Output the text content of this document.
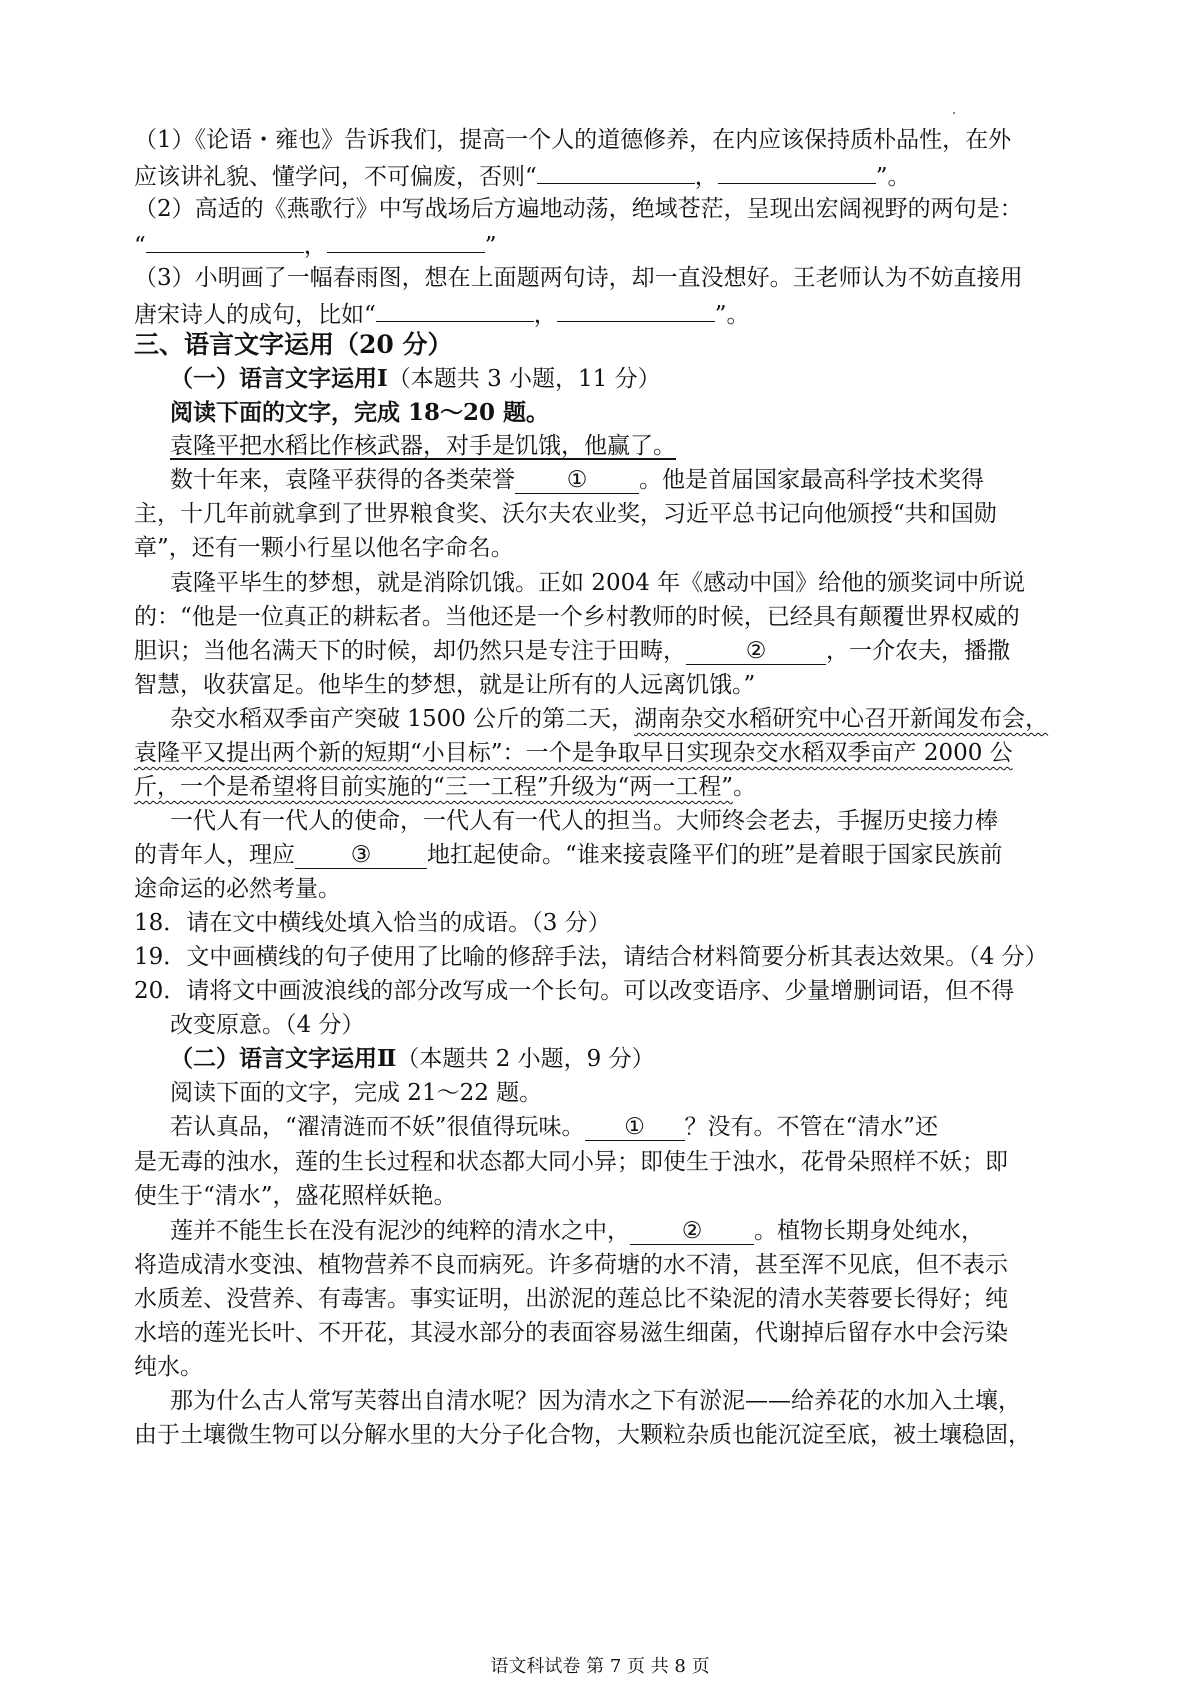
（1）《论语・雍也》告诉我们，提高一个人的道德修养，在内应该保持质朴品性，在外
应该讲礼貌、懂学问，不可偏废，否则“	，	”。
（2）高适的《燕歌行》中写战场后方遍地动荡，绝域苍茫，呈现出宏阔视野的两句是：
“	，	”
（3）小明画了一幅春雨图，想在上面题两句诗，却一直没想好。王老师认为不妨直接用
唐宋诗人的成句，比如“	，	”。
三、语言文字运用（20 分）
（一）语言文字运用Ⅰ（本题共 3 小题，11 分）
阅读下面的文字，完成 18～20 题。
袁隆平把水稻比作核武器，对手是饥饿，他赢了。
数十年来，袁隆平获得的各类荣誉 ① 。他是首届国家最高科学技术奖得
主，十几年前就拿到了世界粮食奖、沃尔夫农业奖，习近平总书记向他颁授“共和国勋
章”，还有一颗小行星以他名字命名。
袁隆平毕生的梦想，就是消除饥饿。正如 2004 年《感动中国》给他的颁奖词中所说
的：“他是一位真正的耕耘者。当他还是一个乡村教师的时候，已经具有颠覆世界权威的
胆识；当他名满天下的时候，却仍然只是专注于田畴，	②	，一介农夫，播撒
智慧，收获富足。他毕生的梦想，就是让所有的人远离饥饿。”
杂交水稻双季亩产突破 1500 公斤的第二天，湖南杂交水稻研究中心召开新闻发布会，
袁隆平又提出两个新的短期“小目标”：一个是争取早日实现杂交水稻双季亩产 2000 公
斤，一个是希望将目前实施的“三一工程”升级为“两一工程”。
一代人有一代人的使命，一代人有一代人的担当。大师终会老去，手握历史接力棒
的青年人，理应 ③ 地扛起使命。“谁来接袁隆平们的班”是着眼于国家民族前
途命运的必然考量。
18．请在文中横线处填入恰当的成语。（3 分）
19．文中画横线的句子使用了比喻的修辞手法，请结合材料简要分析其表达效果。（4 分）
20．请将文中画波浪线的部分改写成一个长句。可以改变语序、少量增删词语，但不得
改变原意。（4 分）
（二）语言文字运用Ⅱ（本题共 2 小题，9 分）
阅读下面的文字，完成 21～22 题。
若认真品，“濯清涟而不妖”很值得玩味。 ① ？没有。不管在“清水”还
是无毒的浊水，莲的生长过程和状态都大同小异；即使生于浊水，花骨朵照样不妖；即
使生于“清水”，盛花照样妖艳。
莲并不能生长在没有泥沙的纯粹的清水之中， ② 。植物长期身处纯水，
将造成清水变浊、植物营养不良而病死。许多荷塘的水不清，甚至浑不见底，但不表示
水质差、没营养、有毒害。事实证明，出淤泥的莲总比不染泥的清水芙蓉要长得好；纯
水培的莲光长叶、不开花，其浸水部分的表面容易滋生细菌，代谢掉后留存水中会污染
纯水。
那为什么古人常写芙蓉出自清水呢？因为清水之下有淤泥——给养花的水加入土壤，
由于土壤微生物可以分解水里的大分子化合物，大颗粒杂质也能沉淀至底，被土壤稳固，
语文科试卷 第 7 页 共 8 页
